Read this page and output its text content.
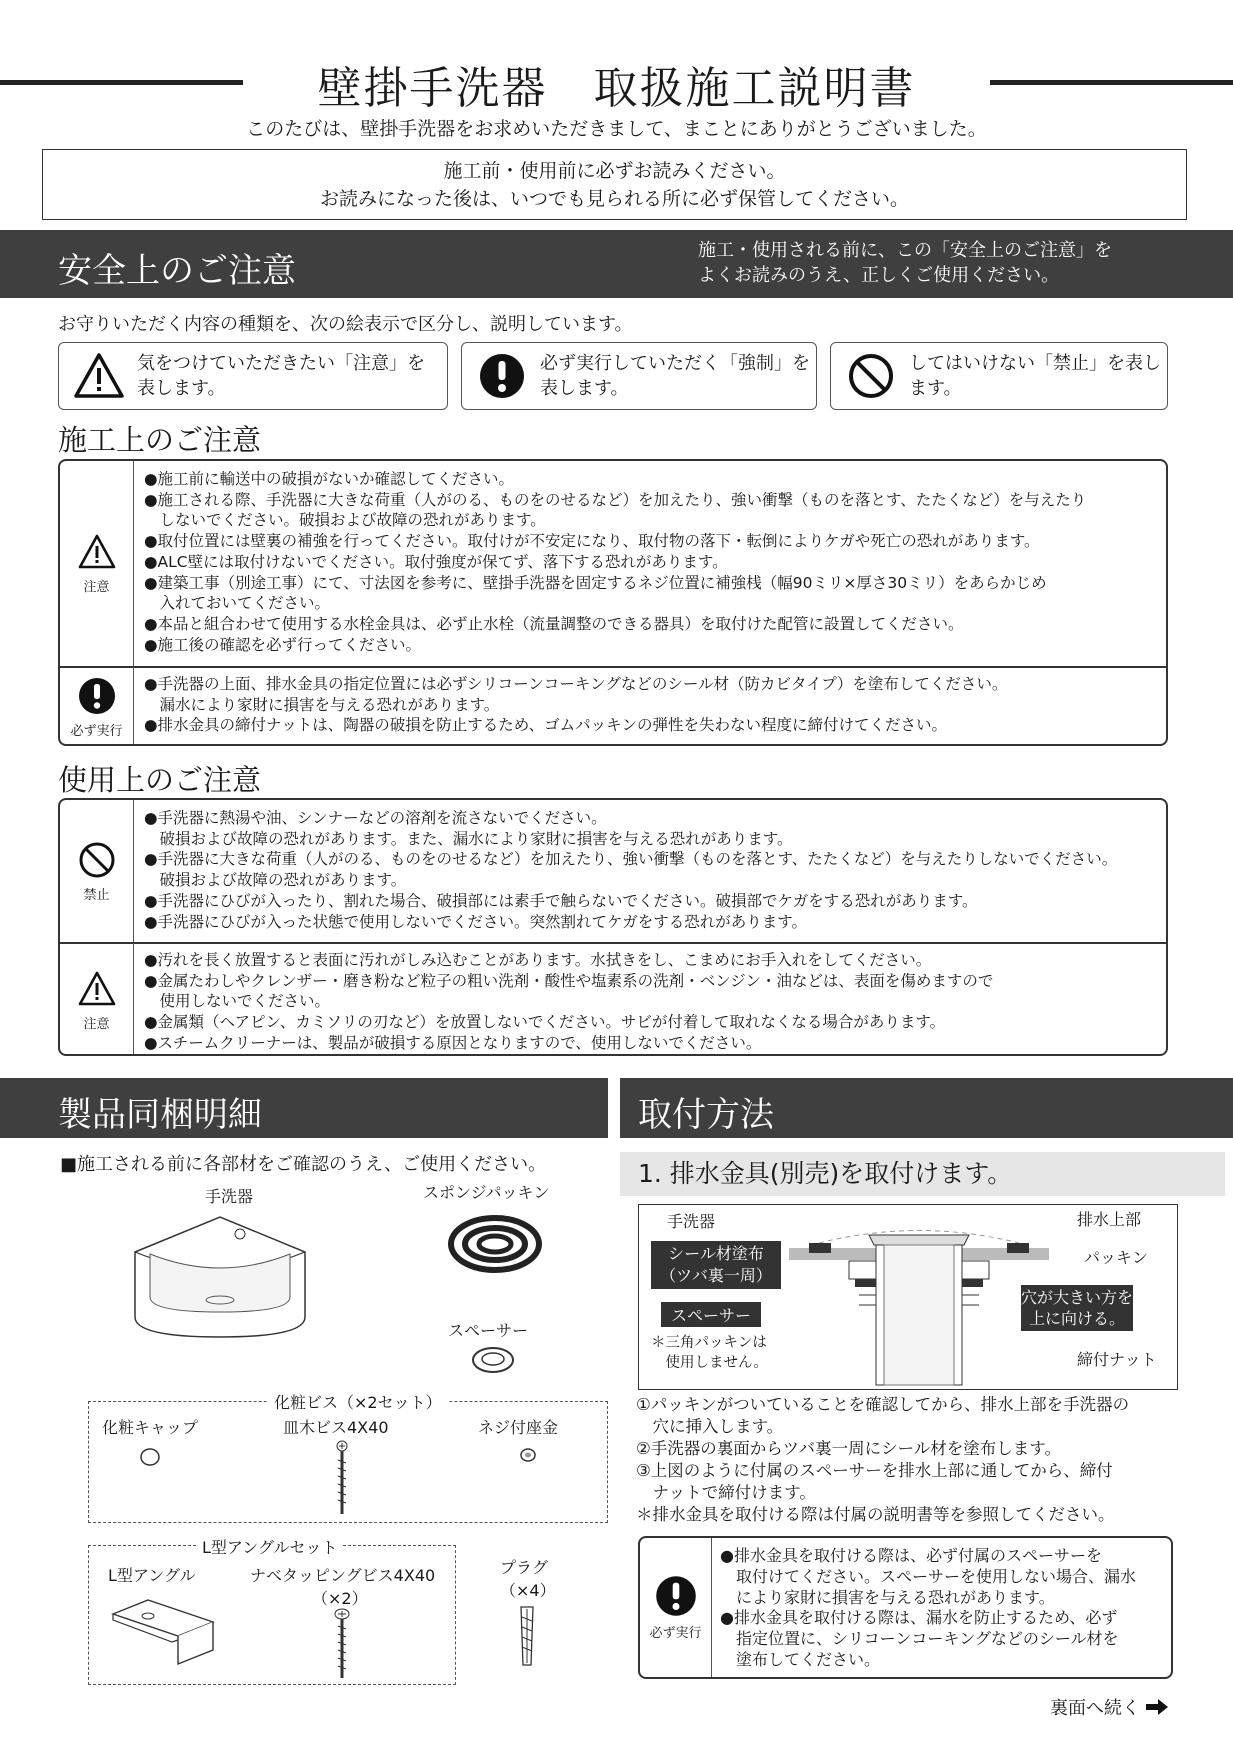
壁掛手洗器　取扱施工説明書
このたびは、壁掛手洗器をお求めいただきまして、まことにありがとうございました。
施工前・使用前に必ずお読みください。
お読みになった後は、いつでも見られる所に必ず保管してください。
安全上のご注意
施工・使用される前に、この「安全上のご注意」を
よくお読みのうえ、正しくご使用ください。
お守りいただく内容の種類を、次の絵表示で区分し、説明しています。
気をつけていただきたい「注意」を
表します。
必ず実行していただく「強制」を
表します。
してはいけない「禁止」を表し
ます。
施工上のご注意
注意

●施工前に輸送中の破損がないか確認してください。

●施工される際、手洗器に大きな荷重（人がのる、ものをのせるなど）を加えたり、強い衝撃（ものを落とす、たたくなど）を与えたり

　しないでください。破損および故障の恐れがあります。

●取付位置には壁裏の補強を行ってください。取付けが不安定になり、取付物の落下・転倒によりケガや死亡の恐れがあります。

●ALC壁には取付けないでください。取付強度が保てず、落下する恐れがあります。

●建築工事（別途工事）にて、寸法図を参考に、壁掛手洗器を固定するネジ位置に補強桟（幅90ミリ×厚さ30ミリ）をあらかじめ

　入れておいてください。

●本品と組合わせて使用する水栓金具は、必ず止水栓（流量調整のできる器具）を取付けた配管に設置してください。

●施工後の確認を必ず行ってください。

必ず実行

●手洗器の上面、排水金具の指定位置には必ずシリコーンコーキングなどのシール材（防カビタイプ）を塗布してください。

　漏水により家財に損害を与える恐れがあります。

●排水金具の締付ナットは、陶器の破損を防止するため、ゴムパッキンの弾性を失わない程度に締付けてください。

使用上のご注意
禁止

●手洗器に熱湯や油、シンナーなどの溶剤を流さないでください。

　破損および故障の恐れがあります。また、漏水により家財に損害を与える恐れがあります。

●手洗器に大きな荷重（人がのる、ものをのせるなど）を加えたり、強い衝撃（ものを落とす、たたくなど）を与えたりしないでください。

　破損および故障の恐れがあります。

●手洗器にひびが入ったり、割れた場合、破損部には素手で触らないでください。破損部でケガをする恐れがあります。

●手洗器にひびが入った状態で使用しないでください。突然割れてケガをする恐れがあります。

注意

●汚れを長く放置すると表面に汚れがしみ込むことがあります。水拭きをし、こまめにお手入れをしてください。

●金属たわしやクレンザー・磨き粉など粒子の粗い洗剤・酸性や塩素系の洗剤・ベンジン・油などは、表面を傷めますので

　使用しないでください。

●金属類（ヘアピン、カミソリの刃など）を放置しないでください。サビが付着して取れなくなる場合があります。

●スチームクリーナーは、製品が破損する原因となりますので、使用しないでください。

製品同梱明細	取付方法
■施工される前に各部材をご確認のうえ、ご使用ください。
手洗器	スポンジパッキン
スペーサー
化粧ビス（×2セット）
化粧キャップ	皿木ビス4X40	ネジ付座金
L型アングルセット
L型アングル	ナベタッピングビス4X40
（×2）
プラグ
（×4）
1. 排水金具(別売)を取付けます。
手洗器	排水上部
パッキン
シール材塗布
（ツバ裏一周）
スペーサー
穴が大きい方を
上に向ける。
＊三角パッキンは
　使用しません。	締付ナット

①パッキンがついていることを確認してから、排水上部を手洗器の

　穴に挿入します。

②手洗器の裏面からツバ裏一周にシール材を塗布します。

③上図のように付属のスペーサーを排水上部に通してから、締付

　ナットで締付けます。

＊排水金具を取付ける際は付属の説明書等を参照してください。

必ず実行

●排水金具を取付ける際は、必ず付属のスペーサーを

　取付けてください。スペーサーを使用しない場合、漏水

　により家財に損害を与える恐れがあります。

●排水金具を取付ける際は、漏水を防止するため、必ず

　指定位置に、シリコーンコーキングなどのシール材を

　塗布してください。

裏面へ続く
